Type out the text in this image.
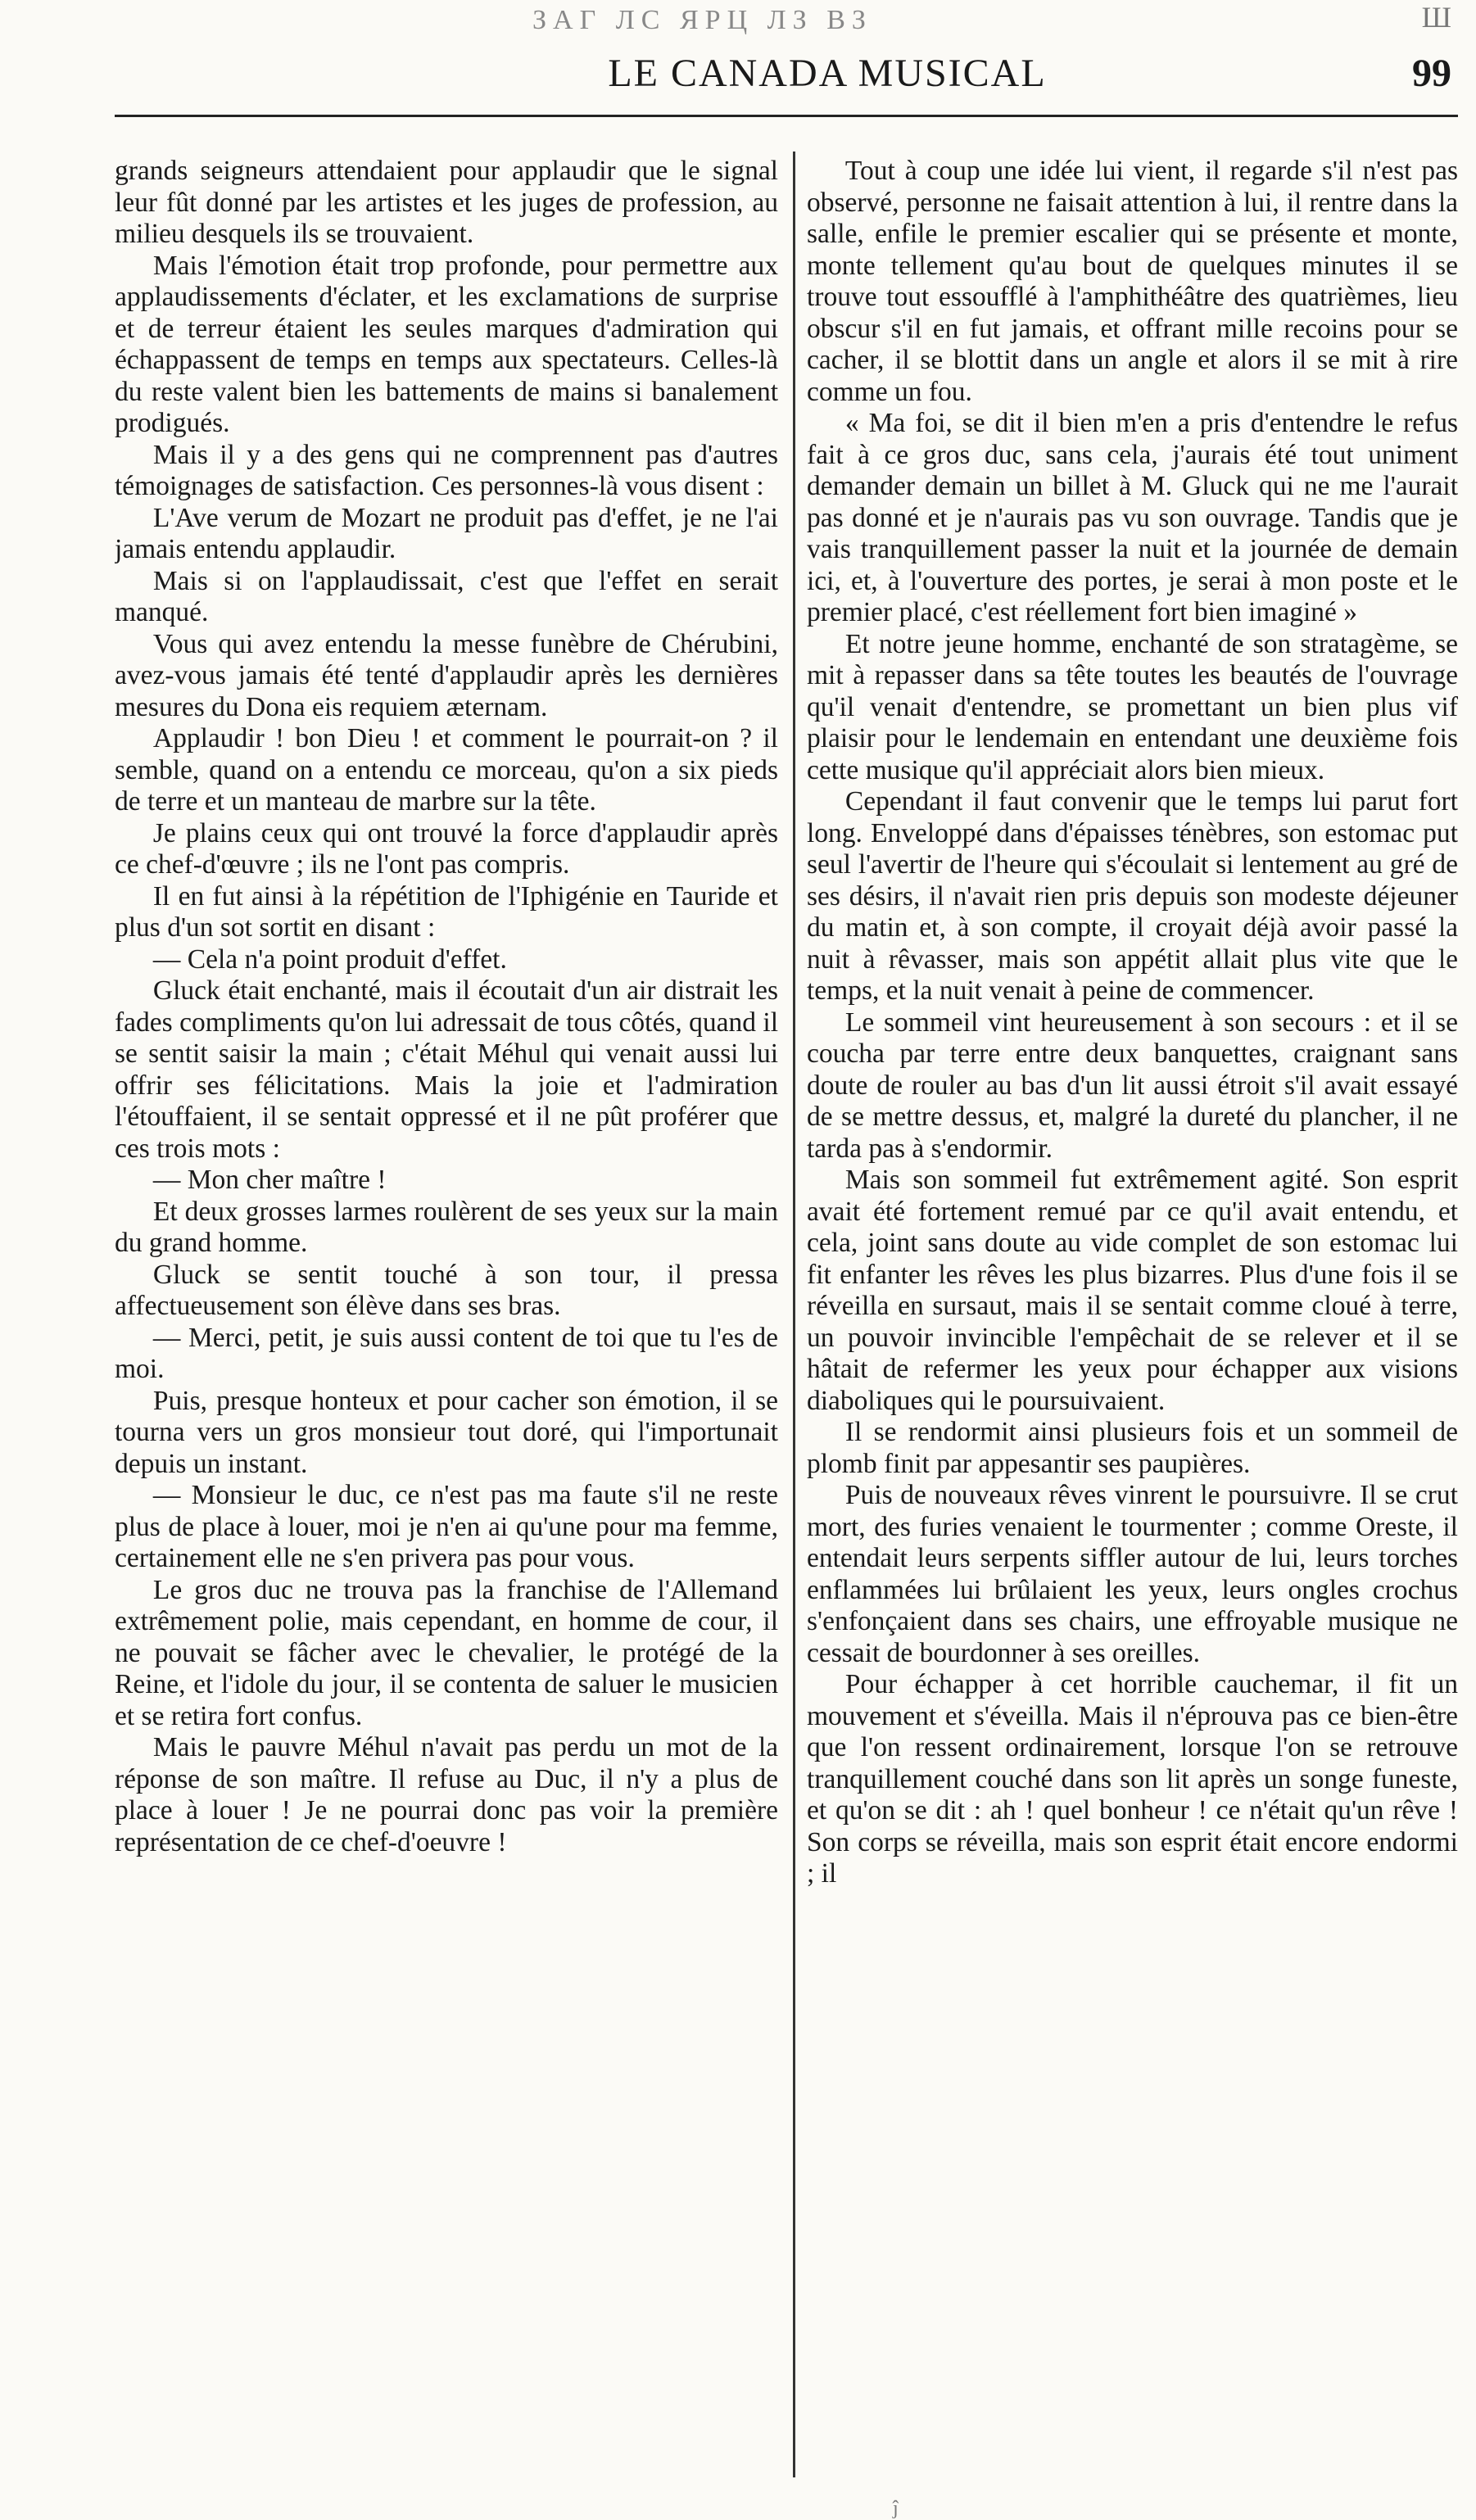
ЗАГ ЛС ЯРЦ ЛЗ ВЗ	Ш
LE CANADA MUSICAL	99

grands seigneurs attendaient pour applaudir que le signal leur fût donné par les artistes et les juges de profession, au milieu desquels ils se trouvaient.

Mais l'émotion était trop profonde, pour permettre aux applaudissements d'éclater, et les exclamations de surprise et de terreur étaient les seules marques d'admiration qui échappassent de temps en temps aux spectateurs. Celles-là du reste valent bien les battements de mains si banalement prodigués.

Mais il y a des gens qui ne comprennent pas d'autres témoignages de satisfaction. Ces personnes-là vous disent :

L'Ave verum de Mozart ne produit pas d'effet, je ne l'ai jamais entendu applaudir.

Mais si on l'applaudissait, c'est que l'effet en serait manqué.

Vous qui avez entendu la messe funèbre de Chérubini, avez-vous jamais été tenté d'applaudir après les dernières mesures du Dona eis requiem æternam.

Applaudir ! bon Dieu ! et comment le pourrait-on ? il semble, quand on a entendu ce morceau, qu'on a six pieds de terre et un manteau de marbre sur la tête.

Je plains ceux qui ont trouvé la force d'applaudir après ce chef-d'œuvre ; ils ne l'ont pas compris.

Il en fut ainsi à la répétition de l'Iphigénie en Tauride et plus d'un sot sortit en disant :

— Cela n'a point produit d'effet.

Gluck était enchanté, mais il écoutait d'un air distrait les fades compliments qu'on lui adressait de tous côtés, quand il se sentit saisir la main ; c'était Méhul qui venait aussi lui offrir ses félicitations. Mais la joie et l'admiration l'étouffaient, il se sentait oppressé et il ne pût proférer que ces trois mots :

— Mon cher maître !

Et deux grosses larmes roulèrent de ses yeux sur la main du grand homme.

Gluck se sentit touché à son tour, il pressa affectueusement son élève dans ses bras.

— Merci, petit, je suis aussi content de toi que tu l'es de moi.

Puis, presque honteux et pour cacher son émotion, il se tourna vers un gros monsieur tout doré, qui l'importunait depuis un instant.

— Monsieur le duc, ce n'est pas ma faute s'il ne reste plus de place à louer, moi je n'en ai qu'une pour ma femme, certainement elle ne s'en privera pas pour vous.

Le gros duc ne trouva pas la franchise de l'Allemand extrêmement polie, mais cependant, en homme de cour, il ne pouvait se fâcher avec le chevalier, le protégé de la Reine, et l'idole du jour, il se contenta de saluer le musicien et se retira fort confus.

Mais le pauvre Méhul n'avait pas perdu un mot de la réponse de son maître. Il refuse au Duc, il n'y a plus de place à louer ! Je ne pourrai donc pas voir la première représentation de ce chef-d'oeuvre !

Tout à coup une idée lui vient, il regarde s'il n'est pas observé, personne ne faisait attention à lui, il rentre dans la salle, enfile le premier escalier qui se présente et monte, monte tellement qu'au bout de quelques minutes il se trouve tout essoufflé à l'amphithéâtre des quatrièmes, lieu obscur s'il en fut jamais, et offrant mille recoins pour se cacher, il se blottit dans un angle et alors il se mit à rire comme un fou.

« Ma foi, se dit il bien m'en a pris d'entendre le refus fait à ce gros duc, sans cela, j'aurais été tout uniment demander demain un billet à M. Gluck qui ne me l'aurait pas donné et je n'aurais pas vu son ouvrage. Tandis que je vais tranquillement passer la nuit et la journée de demain ici, et, à l'ouverture des portes, je serai à mon poste et le premier placé, c'est réellement fort bien imaginé »

Et notre jeune homme, enchanté de son stratagème, se mit à repasser dans sa tête toutes les beautés de l'ouvrage qu'il venait d'entendre, se promettant un bien plus vif plaisir pour le lendemain en entendant une deuxième fois cette musique qu'il appréciait alors bien mieux.

Cependant il faut convenir que le temps lui parut fort long. Enveloppé dans d'épaisses ténèbres, son estomac put seul l'avertir de l'heure qui s'écoulait si lentement au gré de ses désirs, il n'avait rien pris depuis son modeste déjeuner du matin et, à son compte, il croyait déjà avoir passé la nuit à rêvasser, mais son appétit allait plus vite que le temps, et la nuit venait à peine de commencer.

Le sommeil vint heureusement à son secours : et il se coucha par terre entre deux banquettes, craignant sans doute de rouler au bas d'un lit aussi étroit s'il avait essayé de se mettre dessus, et, malgré la dureté du plancher, il ne tarda pas à s'endormir.

Mais son sommeil fut extrêmement agité. Son esprit avait été fortement remué par ce qu'il avait entendu, et cela, joint sans doute au vide complet de son estomac lui fit enfanter les rêves les plus bizarres. Plus d'une fois il se réveilla en sursaut, mais il se sentait comme cloué à terre, un pouvoir invincible l'empêchait de se relever et il se hâtait de refermer les yeux pour échapper aux visions diaboliques qui le poursuivaient.

Il se rendormit ainsi plusieurs fois et un sommeil de plomb finit par appesantir ses paupières.

Puis de nouveaux rêves vinrent le poursuivre. Il se crut mort, des furies venaient le tourmenter ; comme Oreste, il entendait leurs serpents siffler autour de lui, leurs torches enflammées lui brûlaient les yeux, leurs ongles crochus s'enfonçaient dans ses chairs, une effroyable musique ne cessait de bourdonner à ses oreilles.

Pour échapper à cet horrible cauchemar, il fit un mouvement et s'éveilla. Mais il n'éprouva pas ce bien-être que l'on ressent ordinairement, lorsque l'on se retrouve tranquillement couché dans son lit après un songe funeste, et qu'on se dit : ah ! quel bonheur ! ce n'était qu'un rêve ! Son corps se réveilla, mais son esprit était encore endormi ; il

ĵ
